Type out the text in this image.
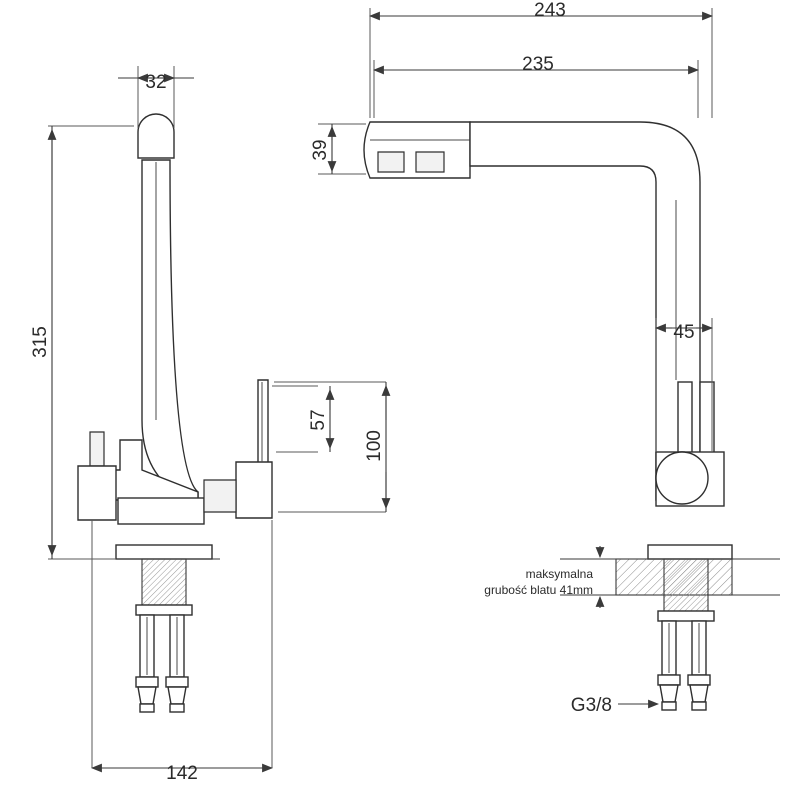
32
315
142
57
100
243
235
39
45
maksymalna
grubość blatu 41mm
G3/8
